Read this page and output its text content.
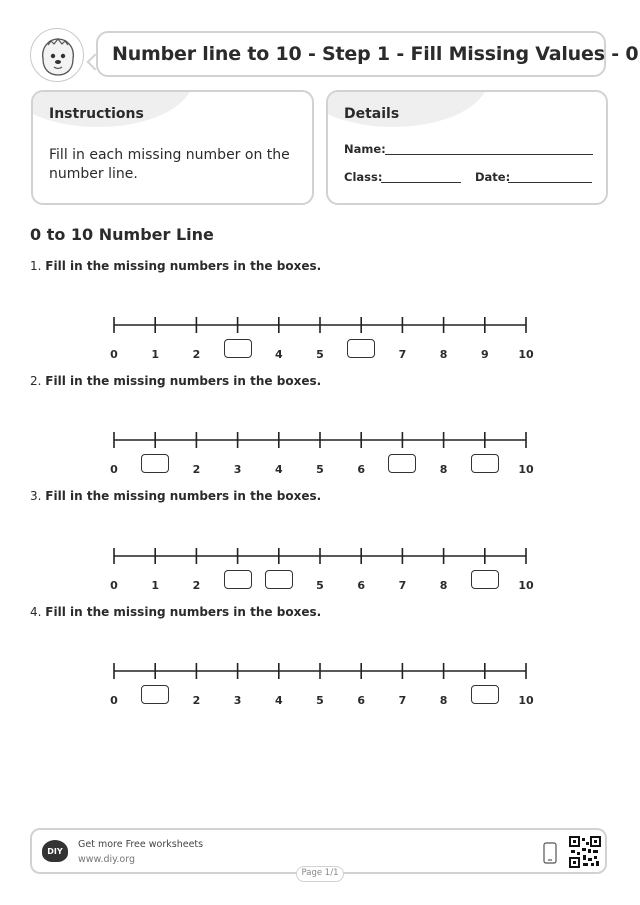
Number line to 10 - Step 1 - Fill Missing Values - 0
Instructions
Fill in each missing number on the number line.
Details
Name:
Class:	Date:
0 to 10 Number Line
1. Fill in the missing numbers in the boxes.
0	1	2	4	5	7	8	9	10
2. Fill in the missing numbers in the boxes.
0	2	3	4	5	6	8	10
3. Fill in the missing numbers in the boxes.
0	1	2	5	6	7	8	10
4. Fill in the missing numbers in the boxes.
0	2	3	4	5	6	7	8	10
DIY
Get more Free worksheets
www.diy.org
Page 1/1
